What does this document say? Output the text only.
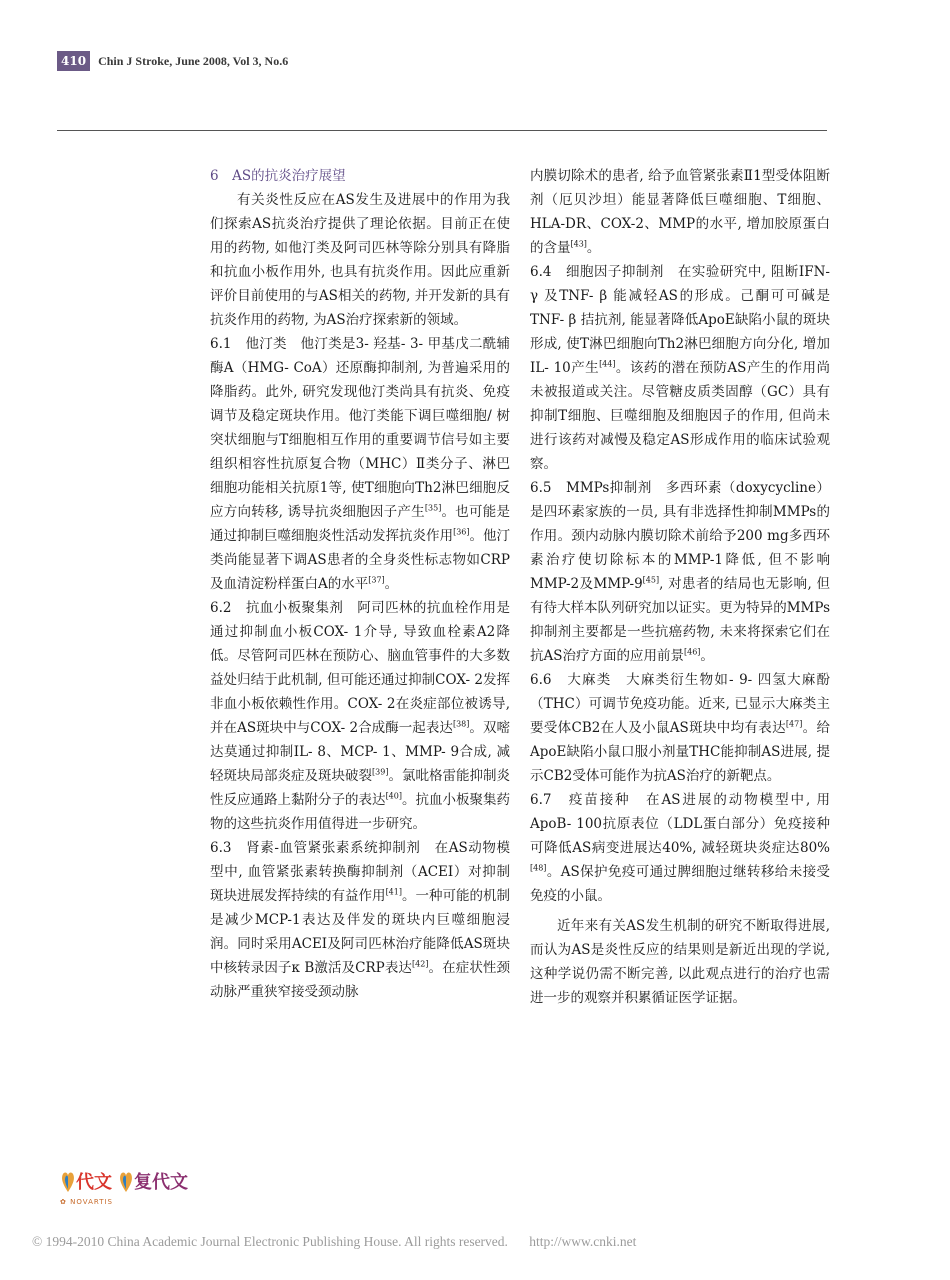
410	Chin J Stroke, June 2008, Vol 3, No.6

6　AS的抗炎治疗展望

有关炎性反应在AS发生及进展中的作用为我们探索AS抗炎治疗提供了理论依据。目前正在使用的药物, 如他汀类及阿司匹林等除分别具有降脂和抗血小板作用外, 也具有抗炎作用。因此应重新评价目前使用的与AS相关的药物, 并开发新的具有抗炎作用的药物, 为AS治疗探索新的领域。

6.1　他汀类　他汀类是3- 羟基- 3- 甲基戊二酰辅酶A（HMG- CoA）还原酶抑制剂, 为普遍采用的降脂药。此外, 研究发现他汀类尚具有抗炎、免疫调节及稳定斑块作用。他汀类能下调巨噬细胞/ 树突状细胞与T细胞相互作用的重要调节信号如主要组织相容性抗原复合物（MHC）Ⅱ类分子、淋巴细胞功能相关抗原1等, 使T细胞向Th2淋巴细胞反应方向转移, 诱导抗炎细胞因子产生[35]。也可能是通过抑制巨噬细胞炎性活动发挥抗炎作用[36]。他汀类尚能显著下调AS患者的全身炎性标志物如CRP及血清淀粉样蛋白A的水平[37]。

6.2　抗血小板聚集剂　阿司匹林的抗血栓作用是通过抑制血小板COX- 1介导, 导致血栓素A2降低。尽管阿司匹林在预防心、脑血管事件的大多数益处归结于此机制, 但可能还通过抑制COX- 2发挥非血小板依赖性作用。COX- 2在炎症部位被诱导, 并在AS斑块中与COX- 2合成酶一起表达[38]。双嘧达莫通过抑制IL- 8、MCP- 1、MMP- 9合成, 减轻斑块局部炎症及斑块破裂[39]。氯吡格雷能抑制炎性反应通路上黏附分子的表达[40]。抗血小板聚集药物的这些抗炎作用值得进一步研究。

6.3　肾素-血管紧张素系统抑制剂　在AS动物模型中, 血管紧张素转换酶抑制剂（ACEI）对抑制斑块进展发挥持续的有益作用[41]。一种可能的机制是减少MCP-1表达及伴发的斑块内巨噬细胞浸润。同时采用ACEI及阿司匹林治疗能降低AS斑块中核转录因子κ B激活及CRP表达[42]。在症状性颈动脉严重狭窄接受颈动脉

内膜切除术的患者, 给予血管紧张素Ⅱ1型受体阻断剂（厄贝沙坦）能显著降低巨噬细胞、T细胞、HLA-DR、COX-2、MMP的水平, 增加胶原蛋白的含量[43]。

6.4　细胞因子抑制剂　在实验研究中, 阻断IFN- γ 及TNF- β 能减轻AS的形成。己酮可可碱是TNF- β 拮抗剂, 能显著降低ApoE缺陷小鼠的斑块形成, 使T淋巴细胞向Th2淋巴细胞方向分化, 增加IL- 10产生[44]。该药的潜在预防AS产生的作用尚未被报道或关注。尽管糖皮质类固醇（GC）具有抑制T细胞、巨噬细胞及细胞因子的作用, 但尚未进行该药对减慢及稳定AS形成作用的临床试验观察。

6.5　MMPs抑制剂　多西环素（doxycycline）是四环素家族的一员, 具有非选择性抑制MMPs的作用。颈内动脉内膜切除术前给予200 mg多西环素治疗使切除标本的MMP-1降低, 但不影响MMP-2及MMP-9[45], 对患者的结局也无影响, 但有待大样本队列研究加以证实。更为特异的MMPs抑制剂主要都是一些抗癌药物, 未来将探索它们在抗AS治疗方面的应用前景[46]。

6.6　大麻类　大麻类衍生物如- 9- 四氢大麻酚（THC）可调节免疫功能。近来, 已显示大麻类主要受体CB2在人及小鼠AS斑块中均有表达[47]。给ApoE缺陷小鼠口服小剂量THC能抑制AS进展, 提示CB2受体可能作为抗AS治疗的新靶点。

6.7　疫苗接种　在AS进展的动物模型中, 用ApoB- 100抗原表位（LDL蛋白部分）免疫接种可降低AS病变进展达40%, 减轻斑块炎症达80%[48]。AS保护免疫可通过脾细胞过继转移给未接受免疫的小鼠。

近年来有关AS发生机制的研究不断取得进展, 而认为AS是炎性反应的结果则是新近出现的学说, 这种学说仍需不断完善, 以此观点进行的治疗也需进一步的观察并积累循证医学证据。

代文 复代文
✿ NOVARTIS
© 1994-2010 China Academic Journal Electronic Publishing House. All rights reserved. http://www.cnki.net
